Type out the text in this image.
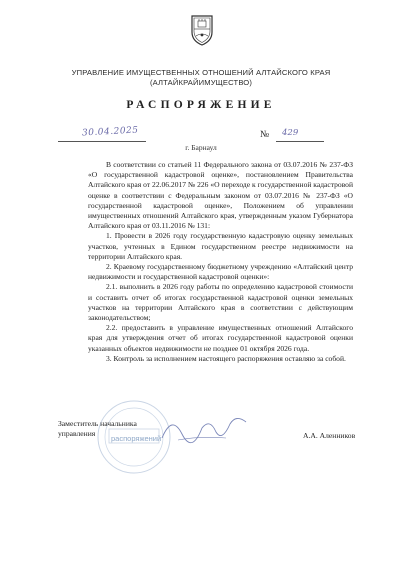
УПРАВЛЕНИЕ ИМУЩЕСТВЕННЫХ ОТНОШЕНИЙ АЛТАЙСКОГО КРАЯ
(АЛТАЙКРАЙИМУЩЕСТВО)
РАСПОРЯЖЕНИЕ
30.04.2025	№ 429
г. Барнаул

В соответствии со статьей 11 Федерального закона от 03.07.2016 № 237-ФЗ «О государственной кадастровой оценке», постановлением Правительства Алтайского края от 22.06.2017 № 226 «О переходе к государственной кадастровой оценке в соответствии с Федеральным законом от 03.07.2016 № 237-ФЗ «О государственной кадастровой оценке», Положением об управлении имущественных отношений Алтайского края, утвержденным указом Губернатора Алтайского края от 03.11.2016 № 131:

1. Провести в 2026 году государственную кадастровую оценку земельных участков, учтенных в Едином государственном реестре недвижимости на территории Алтайского края.

2. Краевому государственному бюджетному учреждению «Алтайский центр недвижимости и государственной кадастровой оценки»:

2.1. выполнить в 2026 году работы по определению кадастровой стоимости и составить отчет об итогах государственной кадастровой оценки земельных участков на территории Алтайского края в соответствии с действующим законодательством;

2.2. предоставить в управление имущественных отношений Алтайского края для утверждения отчет об итогах государственной кадастровой оценки указанных объектов недвижимости не позднее 01 октября 2026 года.

3. Контроль за исполнением настоящего распоряжения оставляю за собой.

распоряжений
Заместитель начальника
управления	А.А. Аленников
